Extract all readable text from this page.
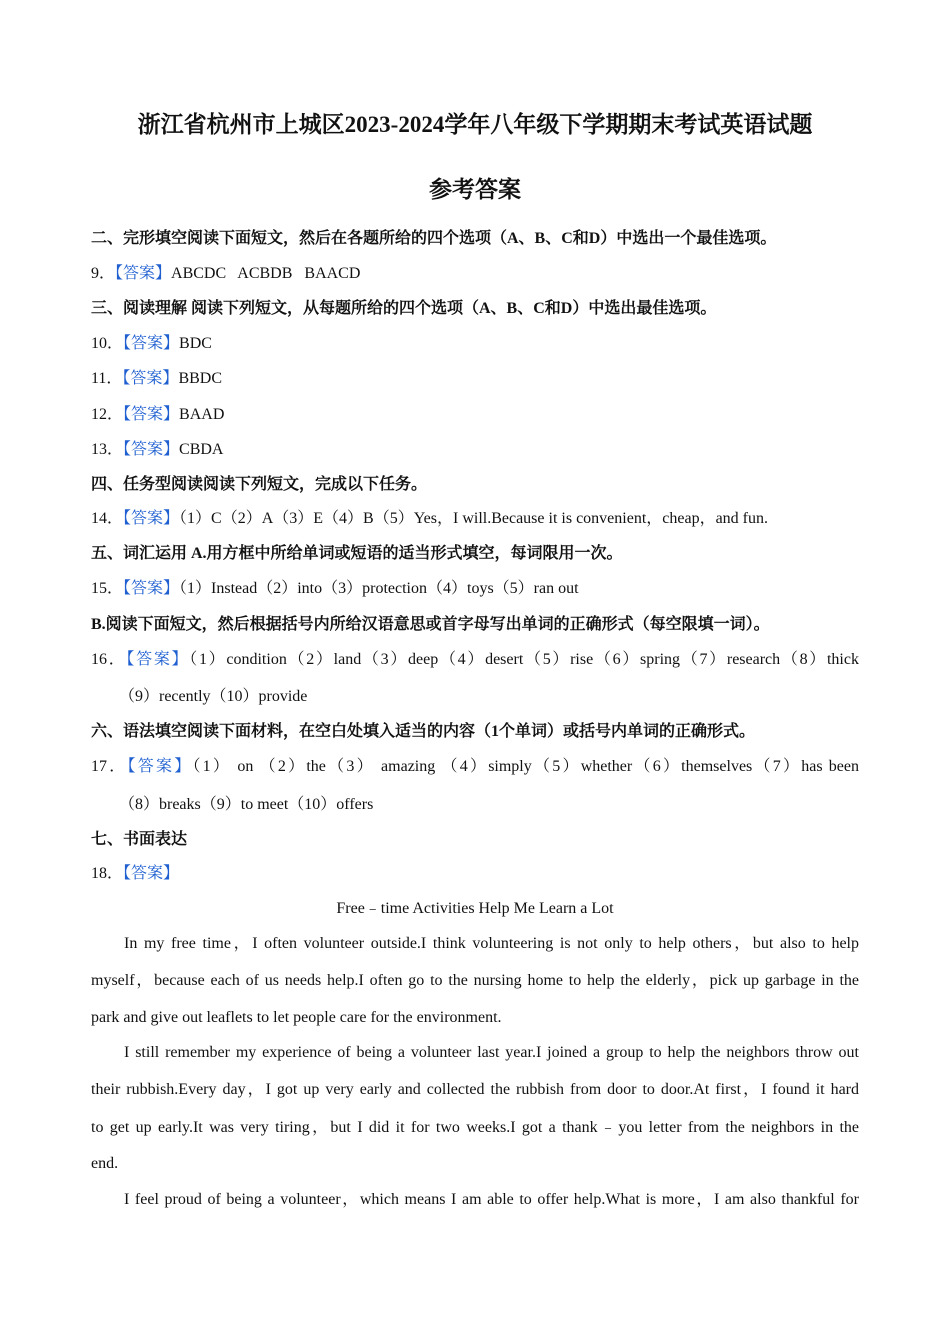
浙江省杭州市上城区2023-2024学年八年级下学期期末考试英语试题
参考答案
二、完形填空阅读下面短文，然后在各题所给的四个选项（A、B、C和D）中选出一个最佳选项。
9．【答案】ABCDC   ACBDB   BAACD
三、阅读理解 阅读下列短文，从每题所给的四个选项（A、B、C和D）中选出最佳选项。
10．【答案】BDC
11．【答案】BBDC
12．【答案】BAAD
13．【答案】CBDA
四、任务型阅读阅读下列短文，完成以下任务。
14．【答案】（1）C（2）A（3）E（4）B（5）Yes，I will.Because it is convenient，cheap，and fun.
五、词汇运用 A.用方框中所给单词或短语的适当形式填空，每词限用一次。
15．【答案】（1）Instead（2）into（3）protection（4）toys（5）ran out
B.阅读下面短文，然后根据括号内所给汉语意思或首字母写出单词的正确形式（每空限填一词）。
16．【答案】（1）condition（2）land（3）deep（4）desert（5）rise（6）spring（7）research（8）thick
（9）recently（10）provide
六、语法填空阅读下面材料，在空白处填入适当的内容（1个单词）或括号内单词的正确形式。
17．【答案】（1） on （2）the（3） amazing （4）simply（5）whether（6）themselves（7）has been
（8）breaks（9）to meet（10）offers
七、书面表达
18．【答案】
Free﹣time Activities Help Me Learn a Lot
In my free time，I often volunteer outside.I think volunteering is not only to help others，but also to help
myself，because each of us needs help.I often go to the nursing home to help the elderly，pick up garbage in the
park and give out leaflets to let people care for the environment.
I still remember my experience of being a volunteer last year.I joined a group to help the neighbors throw out
their rubbish.Every day，I got up very early and collected the rubbish from door to door.At first，I found it hard
to get up early.It was very tiring，but I did it for two weeks.I got a thank﹣you letter from the neighbors in the
end.
I feel proud of being a volunteer，which means I am able to offer help.What is more，I am also thankful for
